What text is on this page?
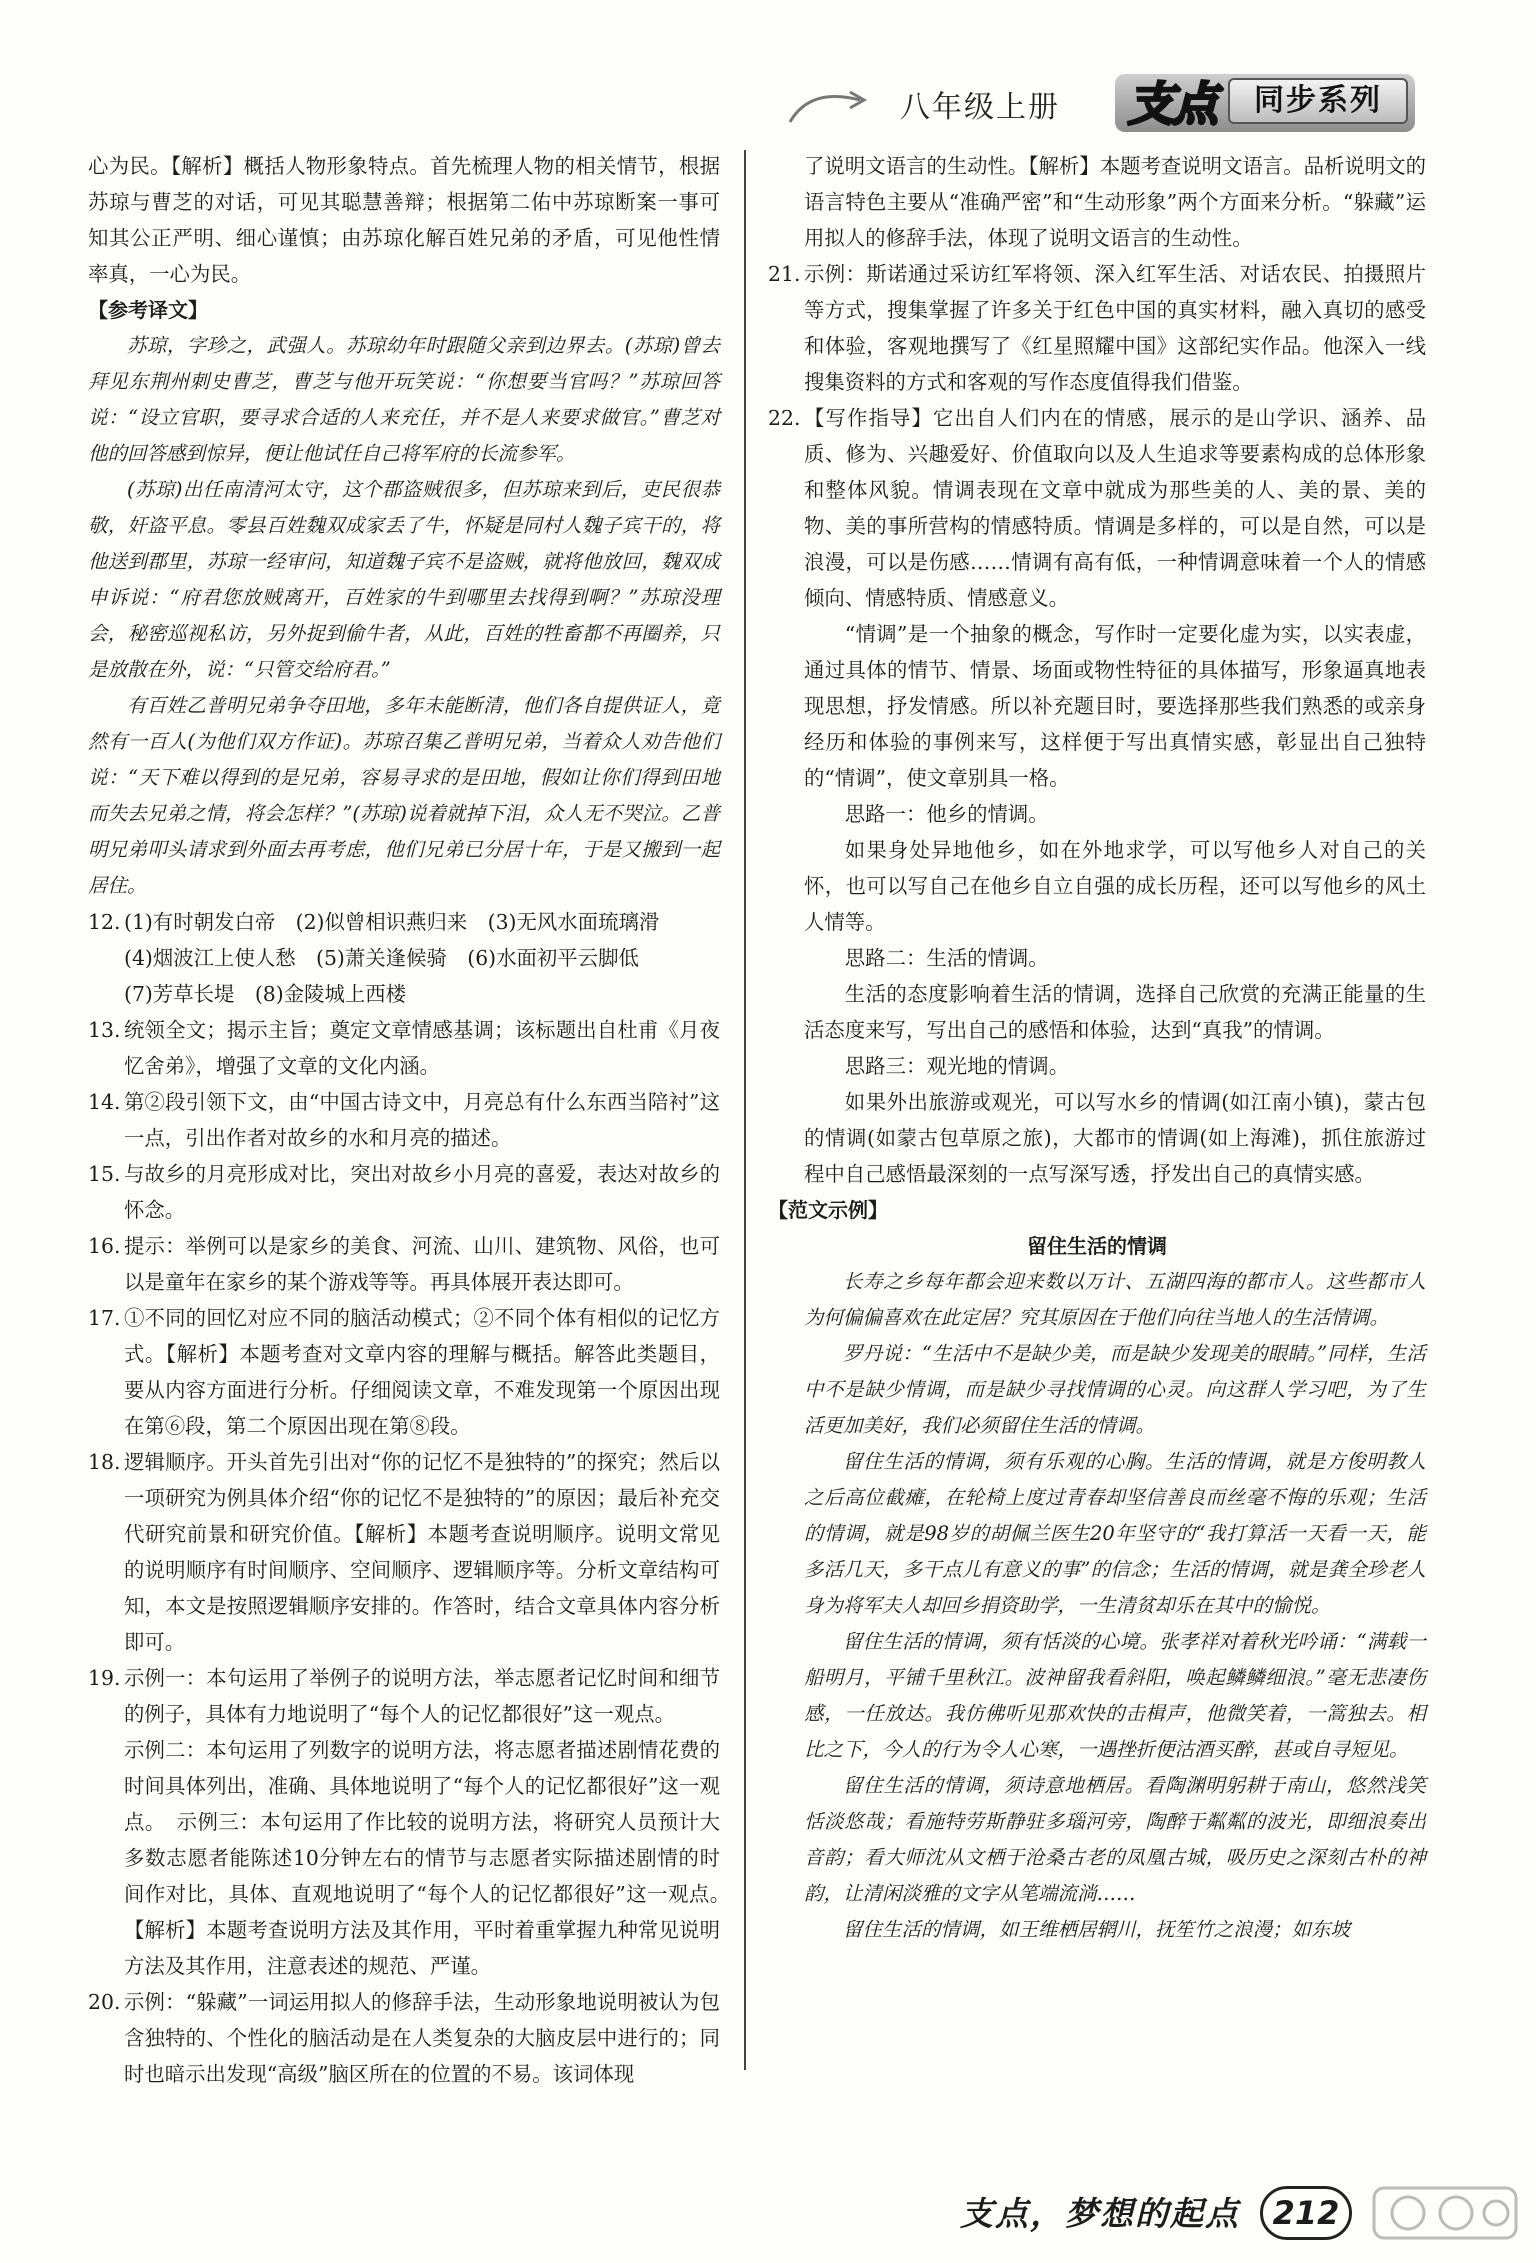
八年级上册 支点	同步系列

心为民。【解析】概括人物形象特点。首先梳理人物的相关情节，根据苏琼与曹芝的对话，可见其聪慧善辩；根据第二佑中苏琼断案一事可知其公正严明、细心谨慎；由苏琼化解百姓兄弟的矛盾，可见他性情率真，一心为民。

【参考译文】

苏琼，字珍之，武强人。苏琼幼年时跟随父亲到边界去。(苏琼)曾去拜见东荆州刺史曹芝，曹芝与他开玩笑说：“你想要当官吗？”苏琼回答说：“设立官职，要寻求合适的人来充任，并不是人来要求做官。”曹芝对他的回答感到惊异，便让他试任自己将军府的长流参军。

(苏琼)出任南清河太守，这个郡盗贼很多，但苏琼来到后，吏民很恭敬，奸盗平息。零县百姓魏双成家丢了牛，怀疑是同村人魏子宾干的，将他送到郡里，苏琼一经审问，知道魏子宾不是盗贼，就将他放回，魏双成申诉说：“府君您放贼离开，百姓家的牛到哪里去找得到啊？”苏琼没理会，秘密巡视私访，另外捉到偷牛者，从此，百姓的牲畜都不再圈养，只是放散在外，说：“只管交给府君。”

有百姓乙普明兄弟争夺田地，多年未能断清，他们各自提供证人，竟然有一百人(为他们双方作证)。苏琼召集乙普明兄弟，当着众人劝告他们说：“天下难以得到的是兄弟，容易寻求的是田地，假如让你们得到田地而失去兄弟之情，将会怎样？”(苏琼)说着就掉下泪，众人无不哭泣。乙普明兄弟叩头请求到外面去再考虑，他们兄弟已分居十年，于是又搬到一起居住。

12. (1)有时朝发白帝　(2)似曾相识燕归来　(3)无风水面琉璃滑
(4)烟波江上使人愁　(5)萧关逢候骑　(6)水面初平云脚低
(7)芳草长堤　(8)金陵城上西楼
13. 统领全文；揭示主旨；奠定文章情感基调；该标题出自杜甫《月夜忆舍弟》，增强了文章的文化内涵。
14. 第②段引领下文，由“中国古诗文中，月亮总有什么东西当陪衬”这一点，引出作者对故乡的水和月亮的描述。
15. 与故乡的月亮形成对比，突出对故乡小月亮的喜爱，表达对故乡的怀念。
16. 提示：举例可以是家乡的美食、河流、山川、建筑物、风俗，也可以是童年在家乡的某个游戏等等。再具体展开表达即可。
17. ①不同的回忆对应不同的脑活动模式；②不同个体有相似的记忆方式。【解析】本题考查对文章内容的理解与概括。解答此类题目，要从内容方面进行分析。仔细阅读文章，不难发现第一个原因出现在第⑥段，第二个原因出现在第⑧段。
18. 逻辑顺序。开头首先引出对“你的记忆不是独特的”的探究；然后以一项研究为例具体介绍“你的记忆不是独特的”的原因；最后补充交代研究前景和研究价值。【解析】本题考查说明顺序。说明文常见的说明顺序有时间顺序、空间顺序、逻辑顺序等。分析文章结构可知，本文是按照逻辑顺序安排的。作答时，结合文章具体内容分析即可。
19. 示例一：本句运用了举例子的说明方法，举志愿者记忆时间和细节的例子，具体有力地说明了“每个人的记忆都很好”这一观点。

示例二：本句运用了列数字的说明方法，将志愿者描述剧情花费的时间具体列出，准确、具体地说明了“每个人的记忆都很好”这一观点。　示例三：本句运用了作比较的说明方法，将研究人员预计大多数志愿者能陈述10分钟左右的情节与志愿者实际描述剧情的时间作对比，具体、直观地说明了“每个人的记忆都很好”这一观点。　【解析】本题考查说明方法及其作用，平时着重掌握九种常见说明方法及其作用，注意表述的规范、严谨。

20. 示例：“躲藏”一词运用拟人的修辞手法，生动形象地说明被认为包含独特的、个性化的脑活动是在人类复杂的大脑皮层中进行的；同时也暗示出发现“高级”脑区所在的位置的不易。该词体现

了说明文语言的生动性。【解析】本题考查说明文语言。品析说明文的语言特色主要从“准确严密”和“生动形象”两个方面来分析。“躲藏”运用拟人的修辞手法，体现了说明文语言的生动性。

21. 示例：斯诺通过采访红军将领、深入红军生活、对话农民、拍摄照片等方式，搜集掌握了许多关于红色中国的真实材料，融入真切的感受和体验，客观地撰写了《红星照耀中国》这部纪实作品。他深入一线搜集资料的方式和客观的写作态度值得我们借鉴。
22. 【写作指导】它出自人们内在的情感，展示的是山学识、涵养、品质、修为、兴趣爱好、价值取向以及人生追求等要素构成的总体形象和整体风貌。情调表现在文章中就成为那些美的人、美的景、美的物、美的事所营构的情感特质。情调是多样的，可以是自然，可以是浪漫，可以是伤感……情调有高有低，一种情调意味着一个人的情感倾向、情感特质、情感意义。

“情调”是一个抽象的概念，写作时一定要化虚为实，以实表虚，通过具体的情节、情景、场面或物性特征的具体描写，形象逼真地表现思想，抒发情感。所以补充题目时，要选择那些我们熟悉的或亲身经历和体验的事例来写，这样便于写出真情实感，彰显出自己独特的“情调”，使文章别具一格。

思路一：他乡的情调。

如果身处异地他乡，如在外地求学，可以写他乡人对自己的关怀，也可以写自己在他乡自立自强的成长历程，还可以写他乡的风土人情等。

思路二：生活的情调。

生活的态度影响着生活的情调，选择自己欣赏的充满正能量的生活态度来写，写出自己的感悟和体验，达到“真我”的情调。

思路三：观光地的情调。

如果外出旅游或观光，可以写水乡的情调(如江南小镇)，蒙古包的情调(如蒙古包草原之旅)，大都市的情调(如上海滩)，抓住旅游过程中自己感悟最深刻的一点写深写透，抒发出自己的真情实感。

【范文示例】

留住生活的情调

长寿之乡每年都会迎来数以万计、五湖四海的都市人。这些都市人为何偏偏喜欢在此定居？究其原因在于他们向往当地人的生活情调。

罗丹说：“生活中不是缺少美，而是缺少发现美的眼睛。”同样，生活中不是缺少情调，而是缺少寻找情调的心灵。向这群人学习吧，为了生活更加美好，我们必须留住生活的情调。

留住生活的情调，须有乐观的心胸。生活的情调，就是方俊明教人之后高位截瘫，在轮椅上度过青春却坚信善良而丝毫不悔的乐观；生活的情调，就是98岁的胡佩兰医生20年坚守的“我打算活一天看一天，能多活几天，多干点儿有意义的事”的信念；生活的情调，就是龚全珍老人身为将军夫人却回乡捐资助学，一生清贫却乐在其中的愉悦。

留住生活的情调，须有恬淡的心境。张孝祥对着秋光吟诵：“满载一船明月，平铺千里秋江。波神留我看斜阳，唤起鳞鳞细浪。”毫无悲凄伤感，一任放达。我仿佛听见那欢快的击楫声，他微笑着，一篙独去。相比之下，今人的行为令人心寒，一遇挫折便沽酒买醉，甚或自寻短见。

留住生活的情调，须诗意地栖居。看陶渊明躬耕于南山，悠然浅笑恬淡悠哉；看施特劳斯静驻多瑙河旁，陶醉于粼粼的波光，即细浪奏出音韵；看大师沈从文栖于沧桑古老的凤凰古城，吸历史之深刻古朴的神韵，让清闲淡雅的文字从笔端流淌……

留住生活的情调，如王维栖居辋川，抚笙竹之浪漫；如东坡

支点，梦想的起点	212
